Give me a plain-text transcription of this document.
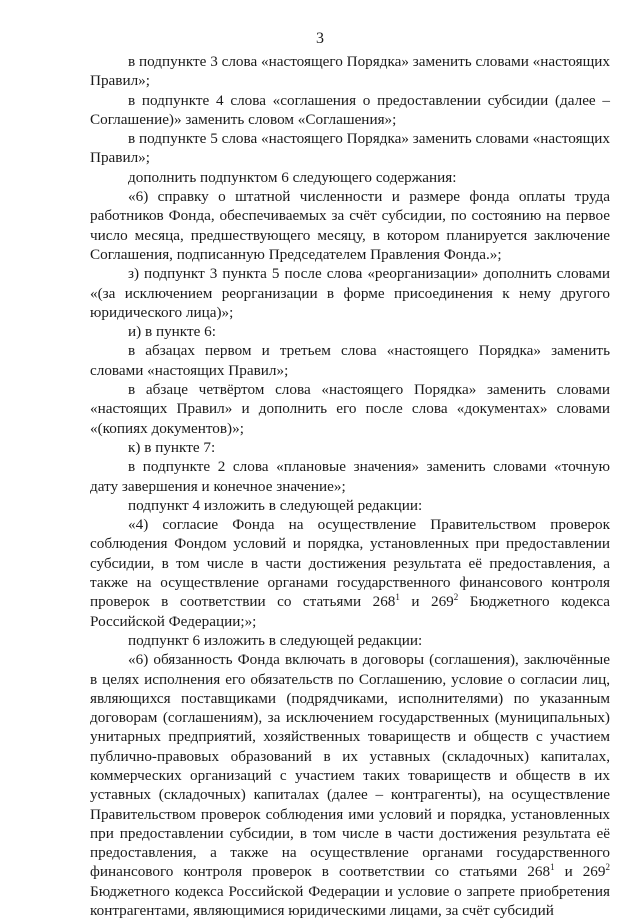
3

в подпункте 3 слова «настоящего Порядка» заменить словами «настоящих Правил»;

в подпункте 4 слова «соглашения о предоставлении субсидии (далее – Соглашение)» заменить словом «Соглашения»;

в подпункте 5 слова «настоящего Порядка» заменить словами «настоящих Правил»;

дополнить подпунктом 6 следующего содержания:

«6) справку о штатной численности и размере фонда оплаты труда работников Фонда, обеспечиваемых за счёт субсидии, по состоянию на первое число месяца, предшествующего месяцу, в котором планируется заключение Соглашения, подписанную Председателем Правления Фонда.»;

з) подпункт 3 пункта 5 после слова «реорганизации» дополнить словами «(за исключением реорганизации в форме присоединения к нему другого юридического лица)»;

и) в пункте 6:

в абзацах первом и третьем слова «настоящего Порядка» заменить словами «настоящих Правил»;

в абзаце четвёртом слова «настоящего Порядка» заменить словами «настоящих Правил» и дополнить его после слова «документах» словами «(копиях документов)»;

к) в пункте 7:

в подпункте 2 слова «плановые значения» заменить словами «точную дату завершения и конечное значение»;

подпункт 4 изложить в следующей редакции:

«4) согласие Фонда на осуществление Правительством проверок соблюдения Фондом условий и порядка, установленных при предоставлении субсидии, в том числе в части достижения результата её предоставления, а также на осуществление органами государственного финансового контроля проверок в соответствии со статьями $268^1$ и $269^2$ Бюджетного кодекса Российской Федерации;»;

подпункт 6 изложить в следующей редакции:

«6) обязанность Фонда включать в договоры (соглашения), заключённые в целях исполнения его обязательств по Соглашению, условие о согласии лиц, являющихся поставщиками (подрядчиками, исполнителями) по указанным договорам (соглашениям), за исключением государственных (муниципальных) унитарных предприятий, хозяйственных товариществ и обществ с участием публично-правовых образований в их уставных (складочных) капиталах, коммерческих организаций с участием таких товариществ и обществ в их уставных (складочных) капиталах (далее – контрагенты), на осуществление Правительством проверок соблюдения ими условий и порядка, установленных при предоставлении субсидии, в том числе в части достижения результата её предоставления, а также на осуществление органами государственного финансового контроля проверок в соответствии со статьями $268^1$ и $269^2$ Бюджетного кодекса Российской Федерации и условие о запрете приобретения контрагентами, являющимися юридическими лицами, за счёт субсидий
